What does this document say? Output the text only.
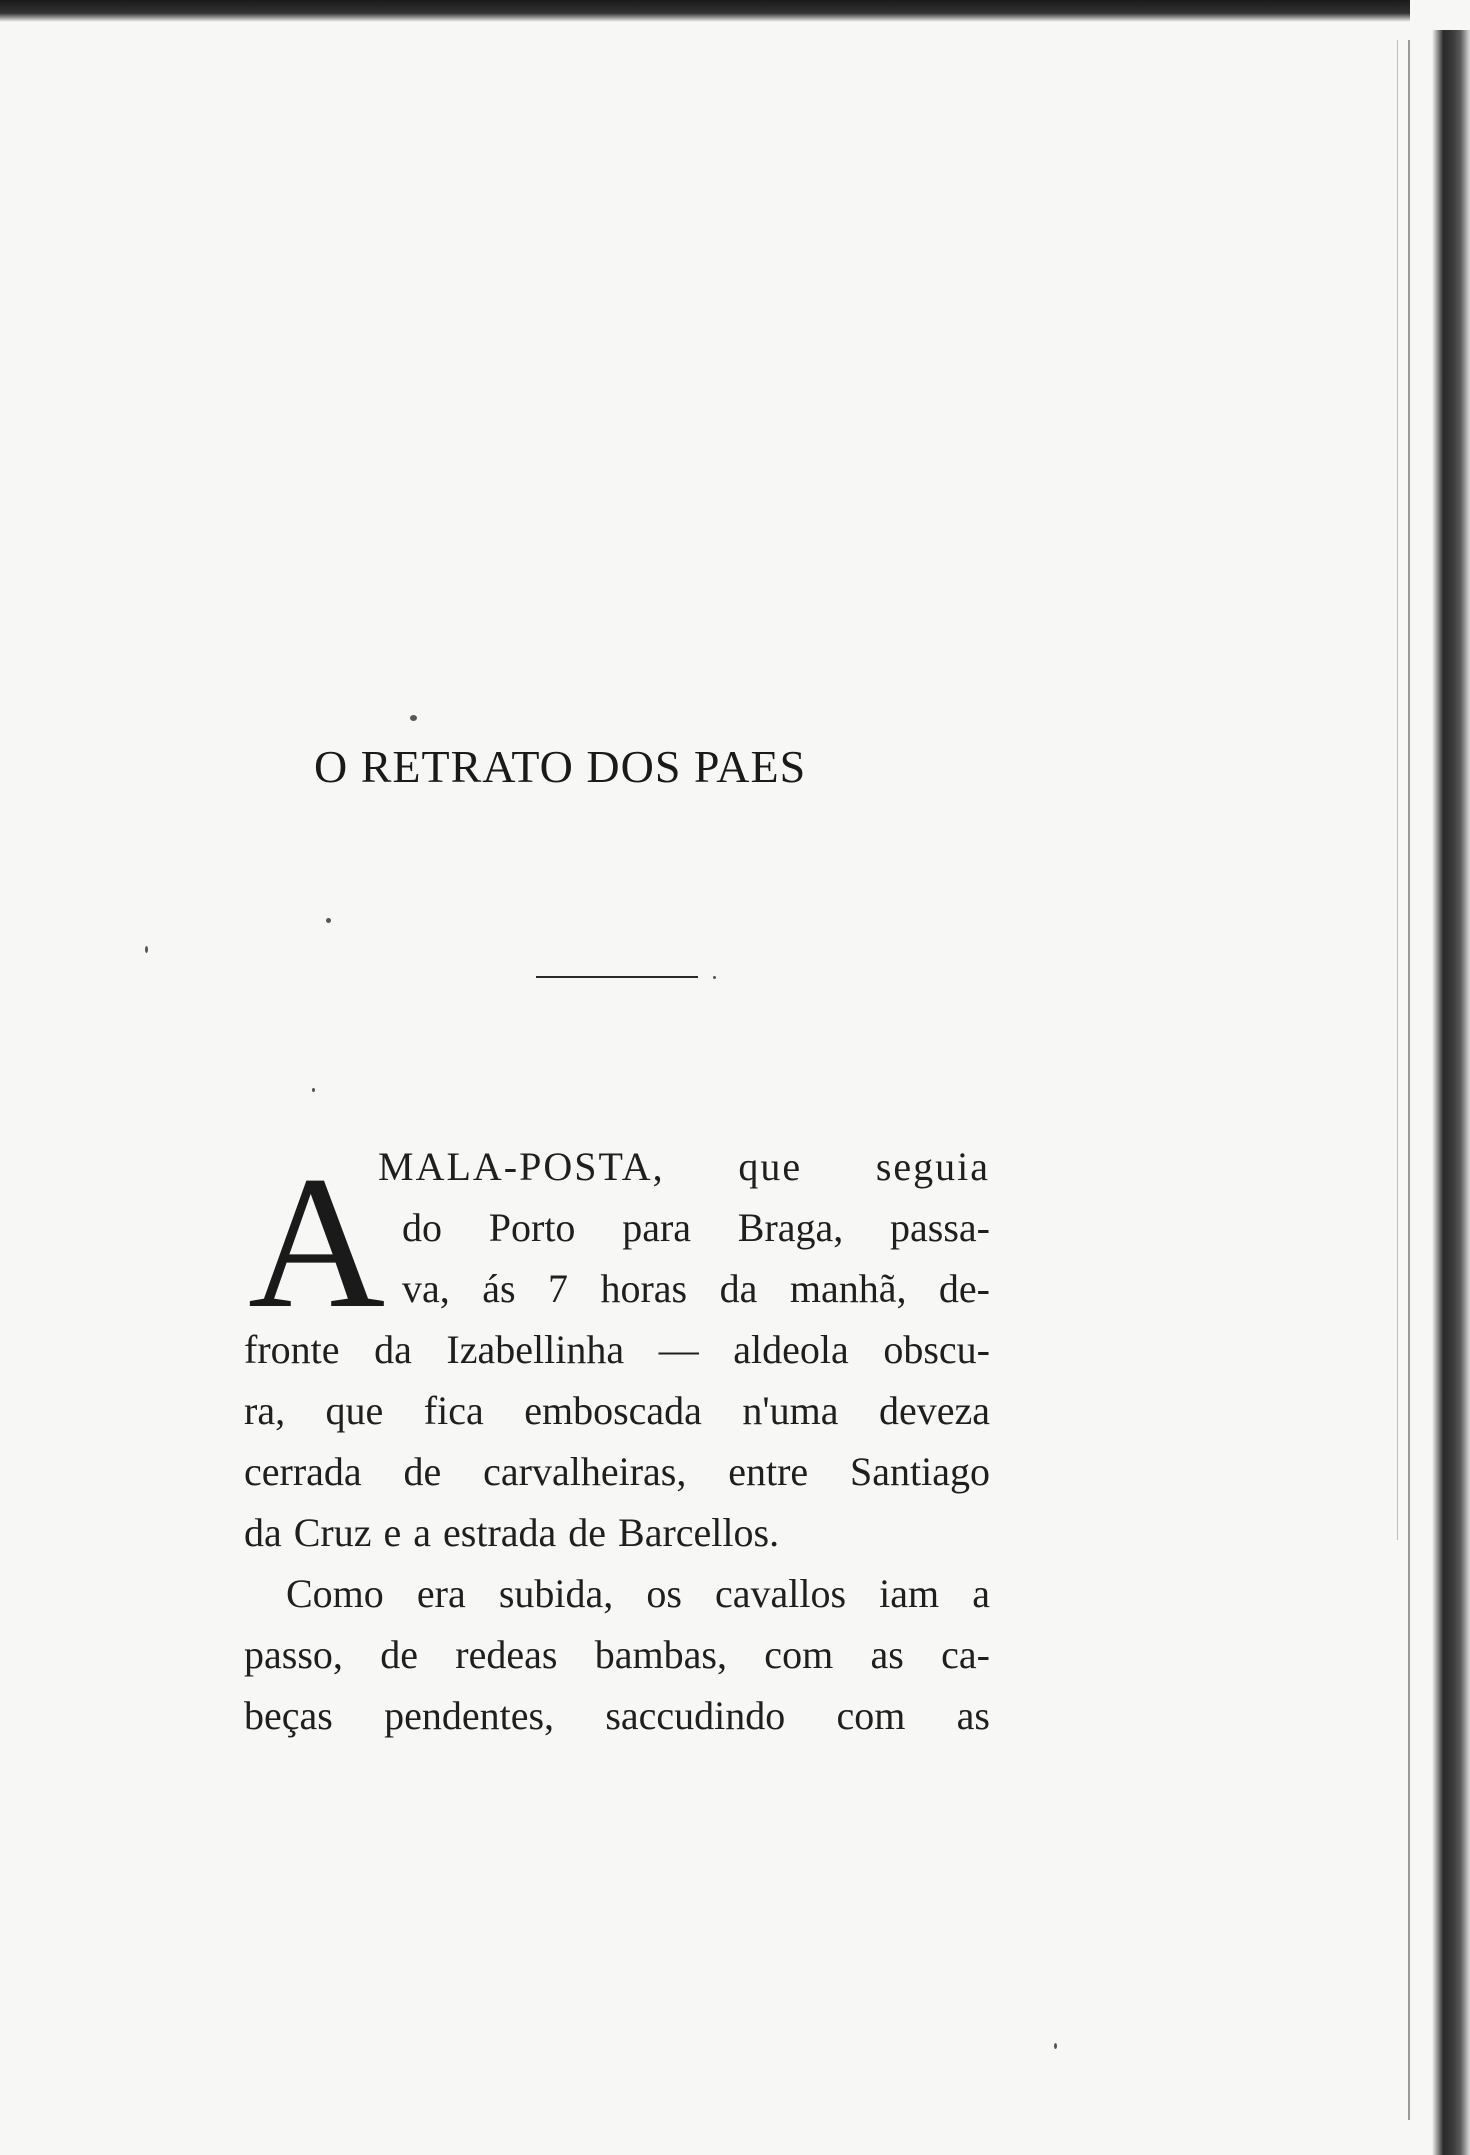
O RETRATO DOS PAES
A
MALA-POSTA, que seguia
do Porto para Braga, passa-
va, ás 7 horas da manhã, de-
fronte da Izabellinha — aldeola obscu-
ra, que fica emboscada n'uma deveza
cerrada de carvalheiras, entre Santiago
da Cruz e a estrada de Barcellos.
Como era subida, os cavallos iam a
passo, de redeas bambas, com as ca-
beças pendentes, saccudindo com as
